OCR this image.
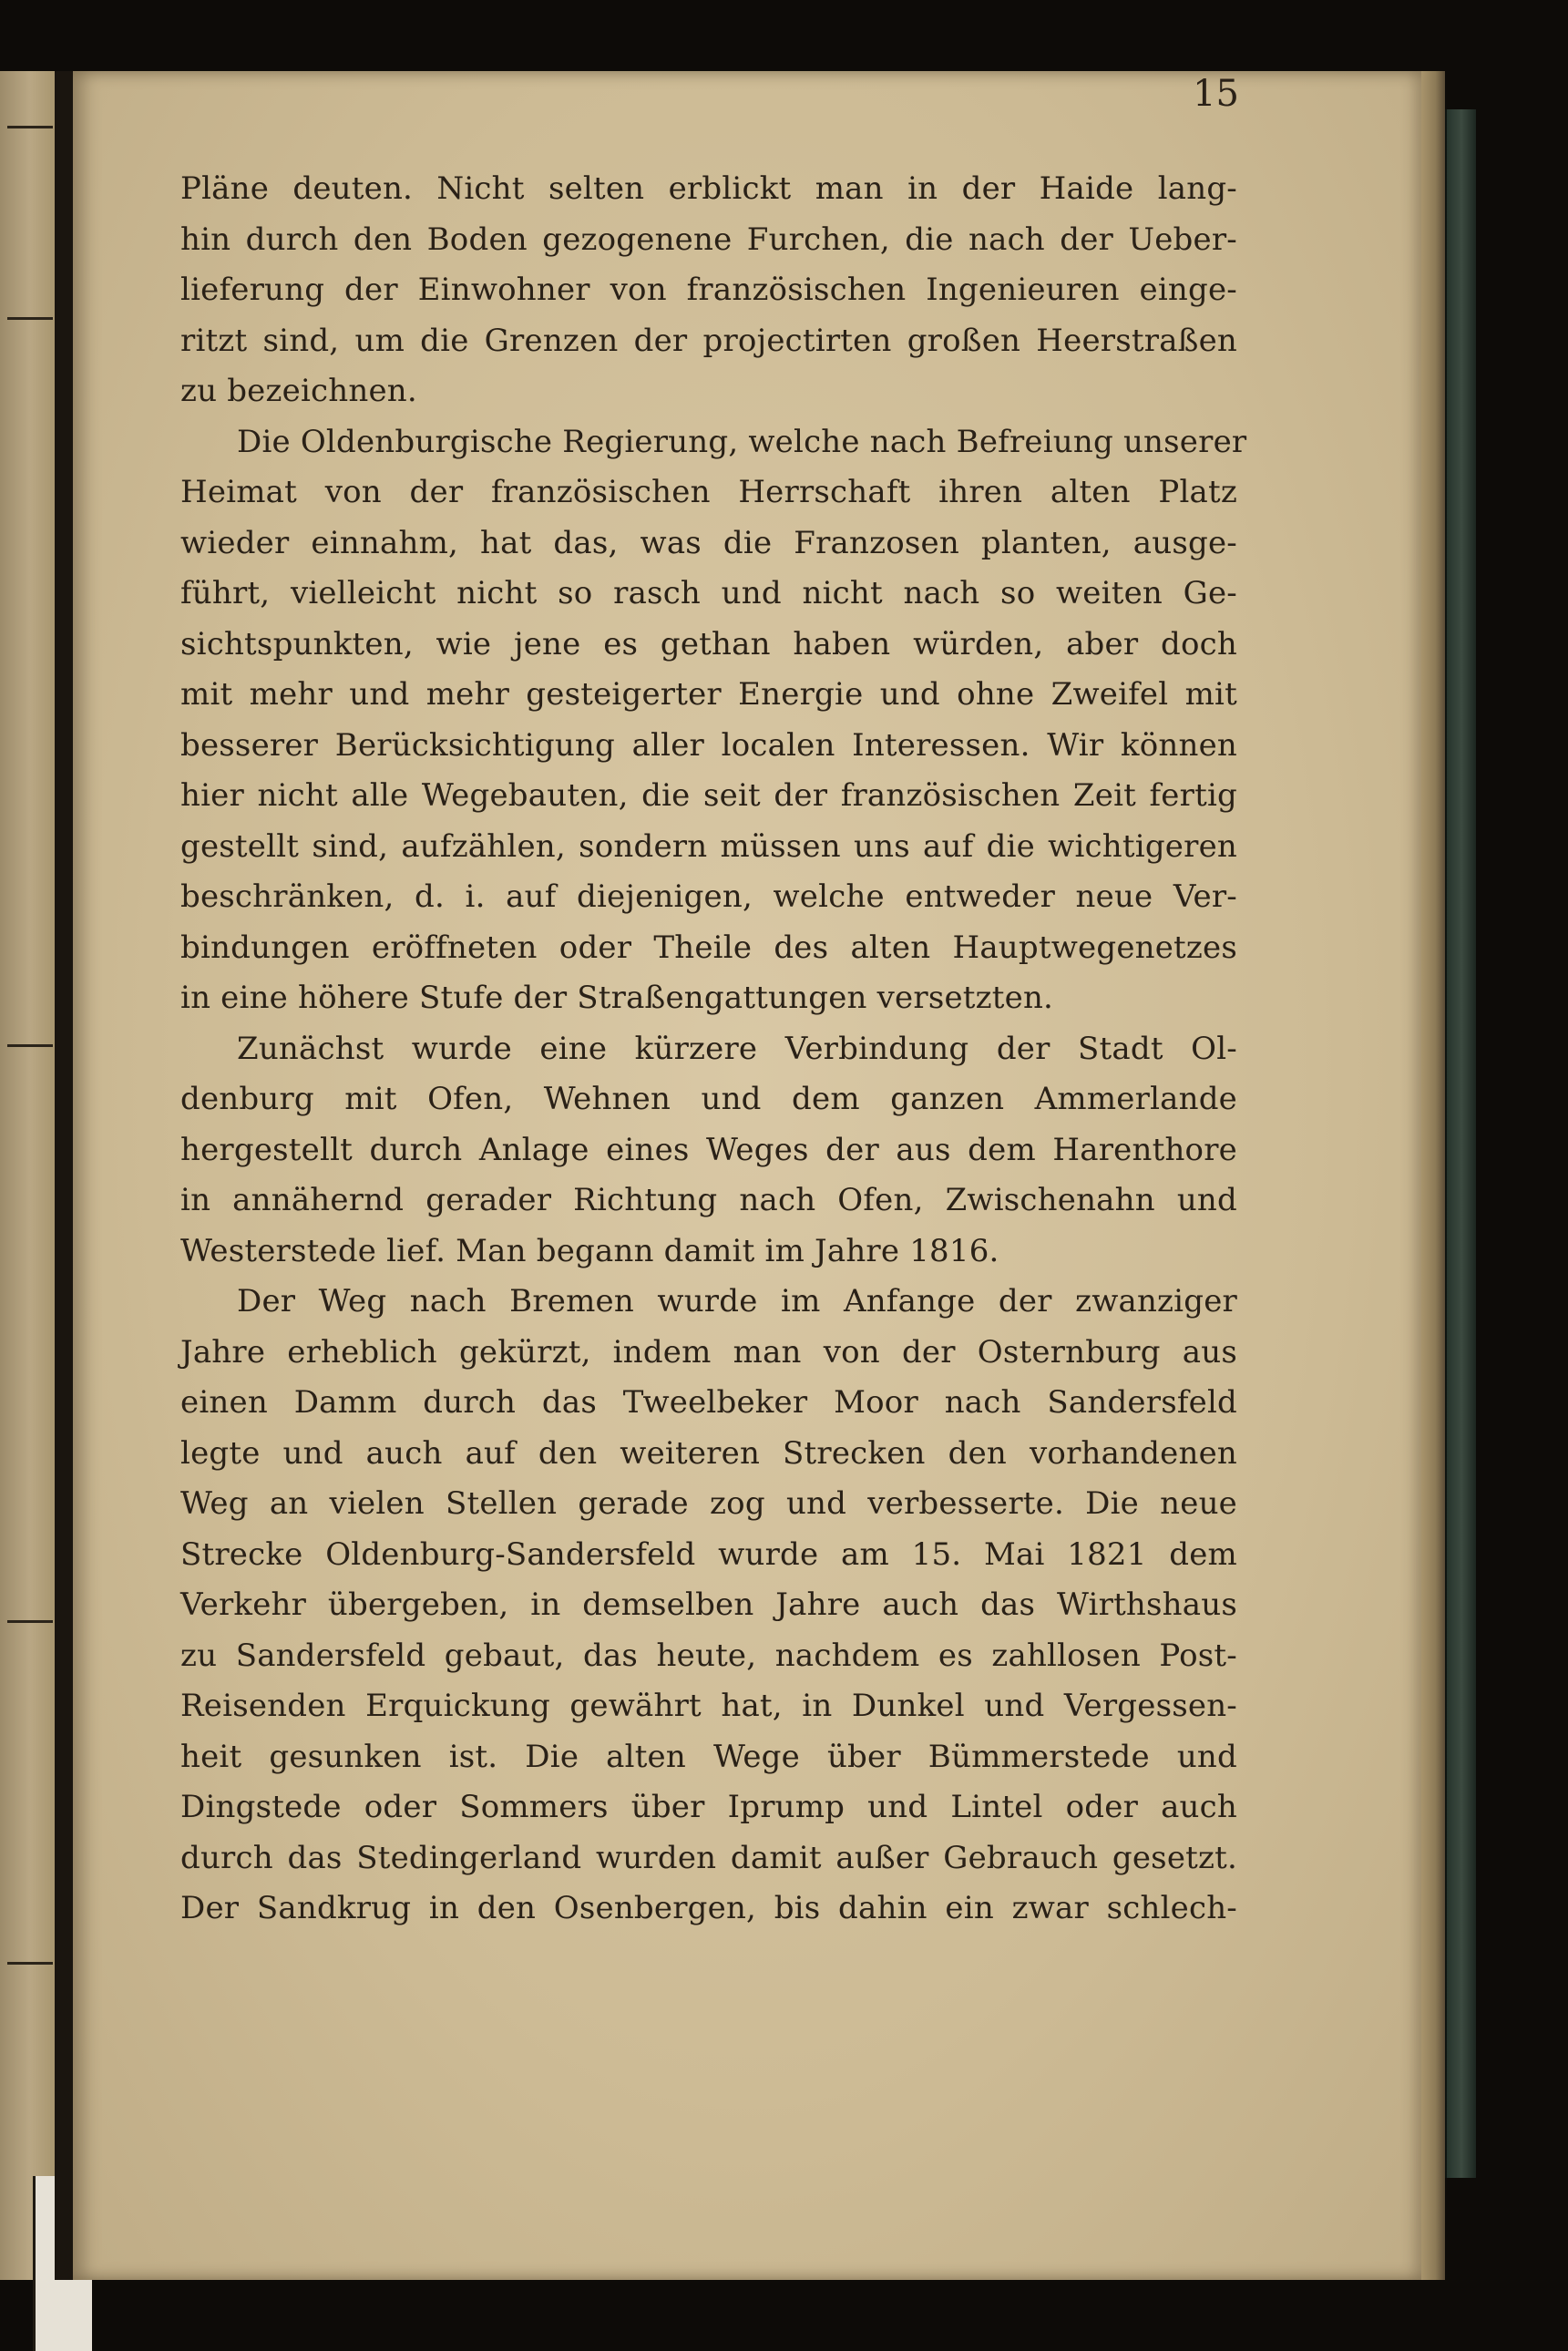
15
Pläne deuten. Nicht selten erblickt man in der Haide lang-
hin durch den Boden gezogenene Furchen, die nach der Ueber-
lieferung der Einwohner von französischen Ingenieuren einge-
ritzt sind, um die Grenzen der projectirten großen Heerstraßen
zu bezeichnen.
Die Oldenburgische Regierung, welche nach Befreiung unserer
Heimat von der französischen Herrschaft ihren alten Platz
wieder einnahm, hat das, was die Franzosen planten, ausge-
führt, vielleicht nicht so rasch und nicht nach so weiten Ge-
sichtspunkten, wie jene es gethan haben würden, aber doch
mit mehr und mehr gesteigerter Energie und ohne Zweifel mit
besserer Berücksichtigung aller localen Interessen. Wir können
hier nicht alle Wegebauten, die seit der französischen Zeit fertig
gestellt sind, aufzählen, sondern müssen uns auf die wichtigeren
beschränken, d. i. auf diejenigen, welche entweder neue Ver-
bindungen eröffneten oder Theile des alten Hauptwegenetzes
in eine höhere Stufe der Straßengattungen versetzten.
Zunächst wurde eine kürzere Verbindung der Stadt Ol-
denburg mit Ofen, Wehnen und dem ganzen Ammerlande
hergestellt durch Anlage eines Weges der aus dem Harenthore
in annähernd gerader Richtung nach Ofen, Zwischenahn und
Westerstede lief. Man begann damit im Jahre 1816.
Der Weg nach Bremen wurde im Anfange der zwanziger
Jahre erheblich gekürzt, indem man von der Osternburg aus
einen Damm durch das Tweelbeker Moor nach Sandersfeld
legte und auch auf den weiteren Strecken den vorhandenen
Weg an vielen Stellen gerade zog und verbesserte. Die neue
Strecke Oldenburg-Sandersfeld wurde am 15. Mai 1821 dem
Verkehr übergeben, in demselben Jahre auch das Wirthshaus
zu Sandersfeld gebaut, das heute, nachdem es zahllosen Post-
Reisenden Erquickung gewährt hat, in Dunkel und Vergessen-
heit gesunken ist. Die alten Wege über Bümmerstede und
Dingstede oder Sommers über Iprump und Lintel oder auch
durch das Stedingerland wurden damit außer Gebrauch gesetzt.
Der Sandkrug in den Osenbergen, bis dahin ein zwar schlech-
